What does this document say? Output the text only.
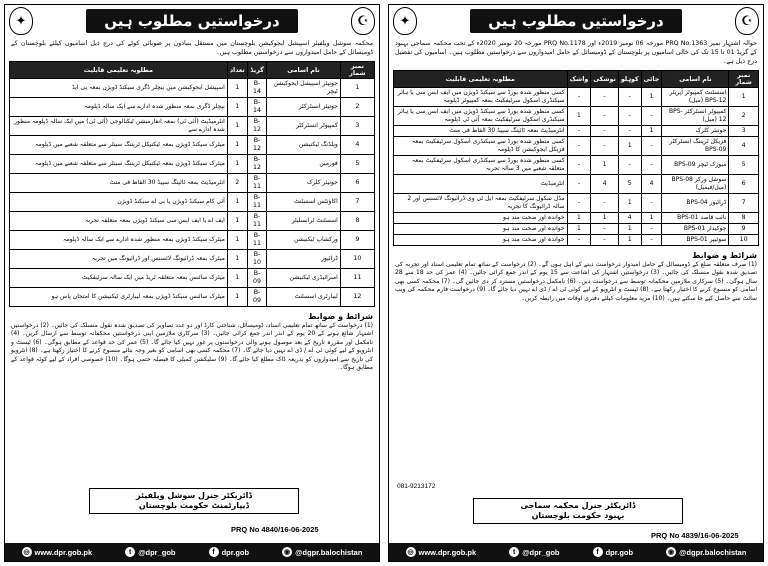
✦	درخواستیں مطلوب ہیں	☪
محکمہ سوشل ویلفیئر اسپیشل ایجوکیشن بلوچستان میں مستقل بنیادوں پر صوبائی کوٹے کی درج ذیل اسامیوں کیلئے بلوچستان کے ڈومیسائل کے حامل امیدواروں سے درخواستیں مطلوب ہیں۔
نمبر شمار	نام اسامی	گریڈ	تعداد	مطلوبہ تعلیمی قابلیت
1	جونیئر اسپیشل ایجوکیشن ٹیچر	B-14	1	اسپیشل ایجوکیشن میں بیچلر ڈگری سیکنڈ ڈویژن بمعہ بی ایڈ
2	جونیئر انسٹرکٹر	B-14	1	بیچلر ڈگری بمعہ منظور شدہ ادارے سے ایک سالہ ڈپلومہ
3	کمپیوٹر انسٹرکٹر	B-12	1	انٹرمیڈیٹ (آئی ٹی) بمعہ انفارمیشن ٹیکنالوجی (آئی ٹی) میں ایک سالہ ڈپلومہ منظور شدہ ادارے سے
4	ویلڈنگ ٹیکنیشن	B-12	1	میٹرک سیکنڈ ڈویژن بمعہ ٹیکنیکل ٹریننگ سینٹر سے متعلقہ شعبے میں ڈپلومہ
5	فورمین	B-12	1	میٹرک سیکنڈ ڈویژن بمعہ ٹیکنیکل ٹریننگ سینٹر سے متعلقہ شعبے میں ڈپلومہ
6	جونیئر کلرک	B-11	2	انٹرمیڈیٹ بمعہ ٹائپنگ سپیڈ 30 الفاظ فی منٹ
7	اکاؤنٹس اسسٹنٹ	B-11	1	آئی کام سیکنڈ ڈویژن یا بی اے سیکنڈ ڈویژن
8	اسسٹنٹ ٹرانسلیٹر	B-11	1	ایف اے یا ایف ایس سی سیکنڈ ڈویژن بمعہ متعلقہ تجربہ
9	ورکشاپ ٹیکنیشن	B-11	1	میٹرک سیکنڈ ڈویژن بمعہ منظور شدہ ادارے سے ایک سالہ ڈپلومہ
10	ڈرائیور	B-10	1	میٹرک بمعہ ڈرائیونگ لائسنس اور ڈرائیونگ میں تجربہ
11	امبرائیڈری ٹیکنیشن	B-09	1	میٹرک سائنس بمعہ متعلقہ ٹریڈ میں ایک سالہ سرٹیفکیٹ
12	لیبارٹری اسسٹنٹ	B-09	1	میٹرک سائنس سیکنڈ ڈویژن بمعہ لیبارٹری ٹیکنیشن کا امتحان پاس ہو
شرائط و ضوابط
(1) درخواست کے ساتھ تمام تعلیمی اسناد، ڈومیسائل، شناختی کارڈ اور دو عدد تصاویر کی تصدیق شدہ نقول منسلک کی جائیں۔ (2) درخواستیں اشتہار شائع ہونے کے 20 یوم کے اندر اندر جمع کرائی جائیں۔ (3) سرکاری ملازمین اپنی درخواستیں محکمانہ توسط سے ارسال کریں۔ (4) نامکمل اور مقررہ تاریخ کے بعد موصول ہونے والی درخواستوں پر غور نہیں کیا جائے گا۔ (5) عمر کی حد قواعد کے مطابق ہوگی۔ (6) ٹیسٹ و انٹرویو کے لیے کوئی ٹی اے / ڈی اے نہیں دیا جائے گا۔ (7) محکمہ کسی بھی اسامی کو بغیر وجہ بتائے منسوخ کرنے کا اختیار رکھتا ہے۔ (8) انٹرویو کی تاریخ سے امیدواروں کو بذریعہ ڈاک مطلع کیا جائے گا۔ (9) سلیکشن کمیٹی کا فیصلہ حتمی ہوگا۔ (10) خصوصی افراد کے لیے کوٹہ قواعد کے مطابق ہوگا۔
ڈائریکٹر جنرل سوشل ویلفیئر
ڈیپارٹمنٹ حکومت بلوچستان
PRQ No 4840/16-06-2025
◎ www.dpr.gob.pk	t @dpr_gob	f dpr.gob	◉ @dgpr.balochistan
✦	درخواستیں مطلوب ہیں	☪
حوالہ اشتہار نمبر PRQ No.1363 مورخہ 06 نومبر 2019ء اور PRQ No.1178 مورخہ 20 نومبر 2020ء کے تحت محکمہ سماجی بہبود کے گریڈ 01 تا 15 تک کی خالی اسامیوں پر بلوچستان کے ڈومیسائل کے حامل امیدواروں سے درخواستیں مطلوب ہیں۔ اسامیوں کی تفصیل درج ذیل ہے۔
نمبر شمار	نام اسامی	جائی	کوہلو	نوشکی	واشک	مطلوبہ تعلیمی قابلیت
1	اسسٹنٹ کمپیوٹر آپریٹر BPS-12 (میل)	1	-	-	-	کسی منظور شدہ بورڈ سے سیکنڈ ڈویژن میں ایف ایس سی یا ہائر سیکنڈری اسکول سرٹیفکیٹ بمعہ کمپیوٹر ڈپلومہ
2	کمپیوٹر انسٹرکٹر BPS-12 (میل)	-	-	-	1	کسی منظور شدہ بورڈ سے سیکنڈ ڈویژن میں ایف ایس سی یا ہائر سیکنڈری اسکول سرٹیفکیٹ بمعہ آئی ٹی ڈپلومہ
3	جونیئر کلرک	1	-	-	-	انٹرمیڈیٹ بمعہ ٹائپنگ سپیڈ 30 الفاظ فی منٹ
4	فزیکل ٹریننگ انسٹرکٹر BPS-09	-	1	-	-	کسی منظور شدہ بورڈ سے سیکنڈری اسکول سرٹیفکیٹ بمعہ فزیکل ایجوکیشن کا ڈپلومہ
5	میوزک ٹیچر BPS-09	-	-	1	-	کسی منظور شدہ بورڈ سے سیکنڈری اسکول سرٹیفکیٹ بمعہ متعلقہ شعبے میں 3 سالہ تجربہ
6	سوشل ورکر BPS-08 (میل/فیمیل)	4	5	4	-	انٹرمیڈیٹ
7	ڈرائیور BPS-04	-	1	-	-	مڈل سکول سرٹیفکیٹ بمعہ ایل ٹی وی ڈرائیونگ لائسنس اور 2 سالہ ڈرائیونگ کا تجربہ
8	نائب قاصد BPS-01	1	4	1	1	خواندہ اور صحت مند ہو
9	چوکیدار BPS-01	-	1	-	1	خواندہ اور صحت مند ہو
10	سوئیپر BPS-01	-	1	-	-	خواندہ اور صحت مند ہو
شرائط و ضوابط
(1) صرف متعلقہ ضلع کے ڈومیسائل کے حامل امیدوار درخواست دینے کے اہل ہوں گے۔ (2) درخواست کے ساتھ تمام تعلیمی اسناد اور تجربہ کی تصدیق شدہ نقول منسلک کی جائیں۔ (3) درخواستیں اشتہار کی اشاعت سے 15 یوم کے اندر جمع کرائی جائیں۔ (4) عمر کی حد 18 سے 28 سال ہوگی۔ (5) سرکاری ملازمین محکمانہ توسط سے درخواست دیں۔ (6) نامکمل درخواستیں مسترد کر دی جائیں گی۔ (7) محکمہ کسی بھی اسامی کو منسوخ کرنے کا اختیار رکھتا ہے۔ (8) ٹیسٹ و انٹرویو کے لیے کوئی ٹی اے / ڈی اے نہیں دیا جائے گا۔ (9) درخواست فارم محکمہ کی ویب سائٹ سے حاصل کیے جا سکتے ہیں۔ (10) مزید معلومات کیلئے دفتری اوقات میں رابطہ کریں۔
081-9213172
ڈائریکٹر جنرل محکمہ سماجی
بہبود حکومت بلوچستان
PRQ No 4839/16-06-2025
◎ www.dpr.gob.pk	t @dpr_gob	f dpr.gob	◉ @dgpr.balochistan
